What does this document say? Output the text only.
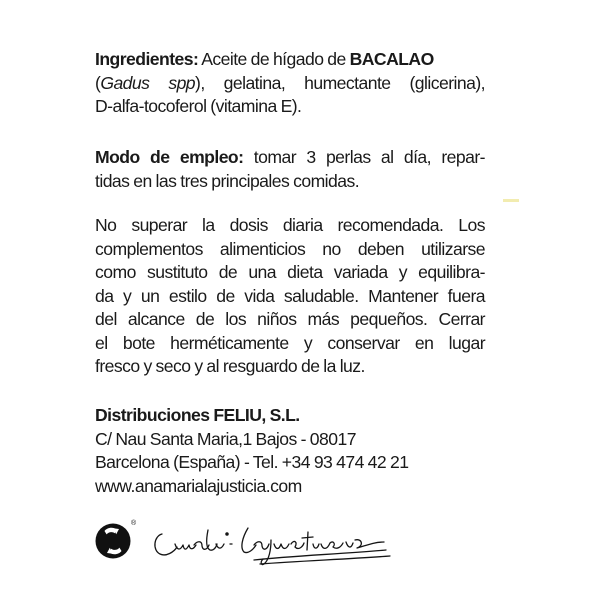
Ingredientes: Aceite de hígado de BACALAO
(Gadus spp), gelatina, humectante (glicerina),
D-alfa-tocoferol (vitamina E).
Modo de empleo: tomar 3 perlas al día, repar-
tidas en las tres principales comidas.
No superar la dosis diaria recomendada. Los
complementos alimenticios no deben utilizarse
como sustituto de una dieta variada y equilibra-
da y un estilo de vida saludable. Mantener fuera
del alcance de los niños más pequeños. Cerrar
el bote herméticamente y conservar en lugar
fresco y seco y al resguardo de la luz.
Distribuciones FELIU, S.L.
C/ Nau Santa Maria,1 Bajos - 08017
Barcelona (España) - Tel. +34 93 474 42 21
www.anamarialajusticia.com
®	Ana María Lajusticia
